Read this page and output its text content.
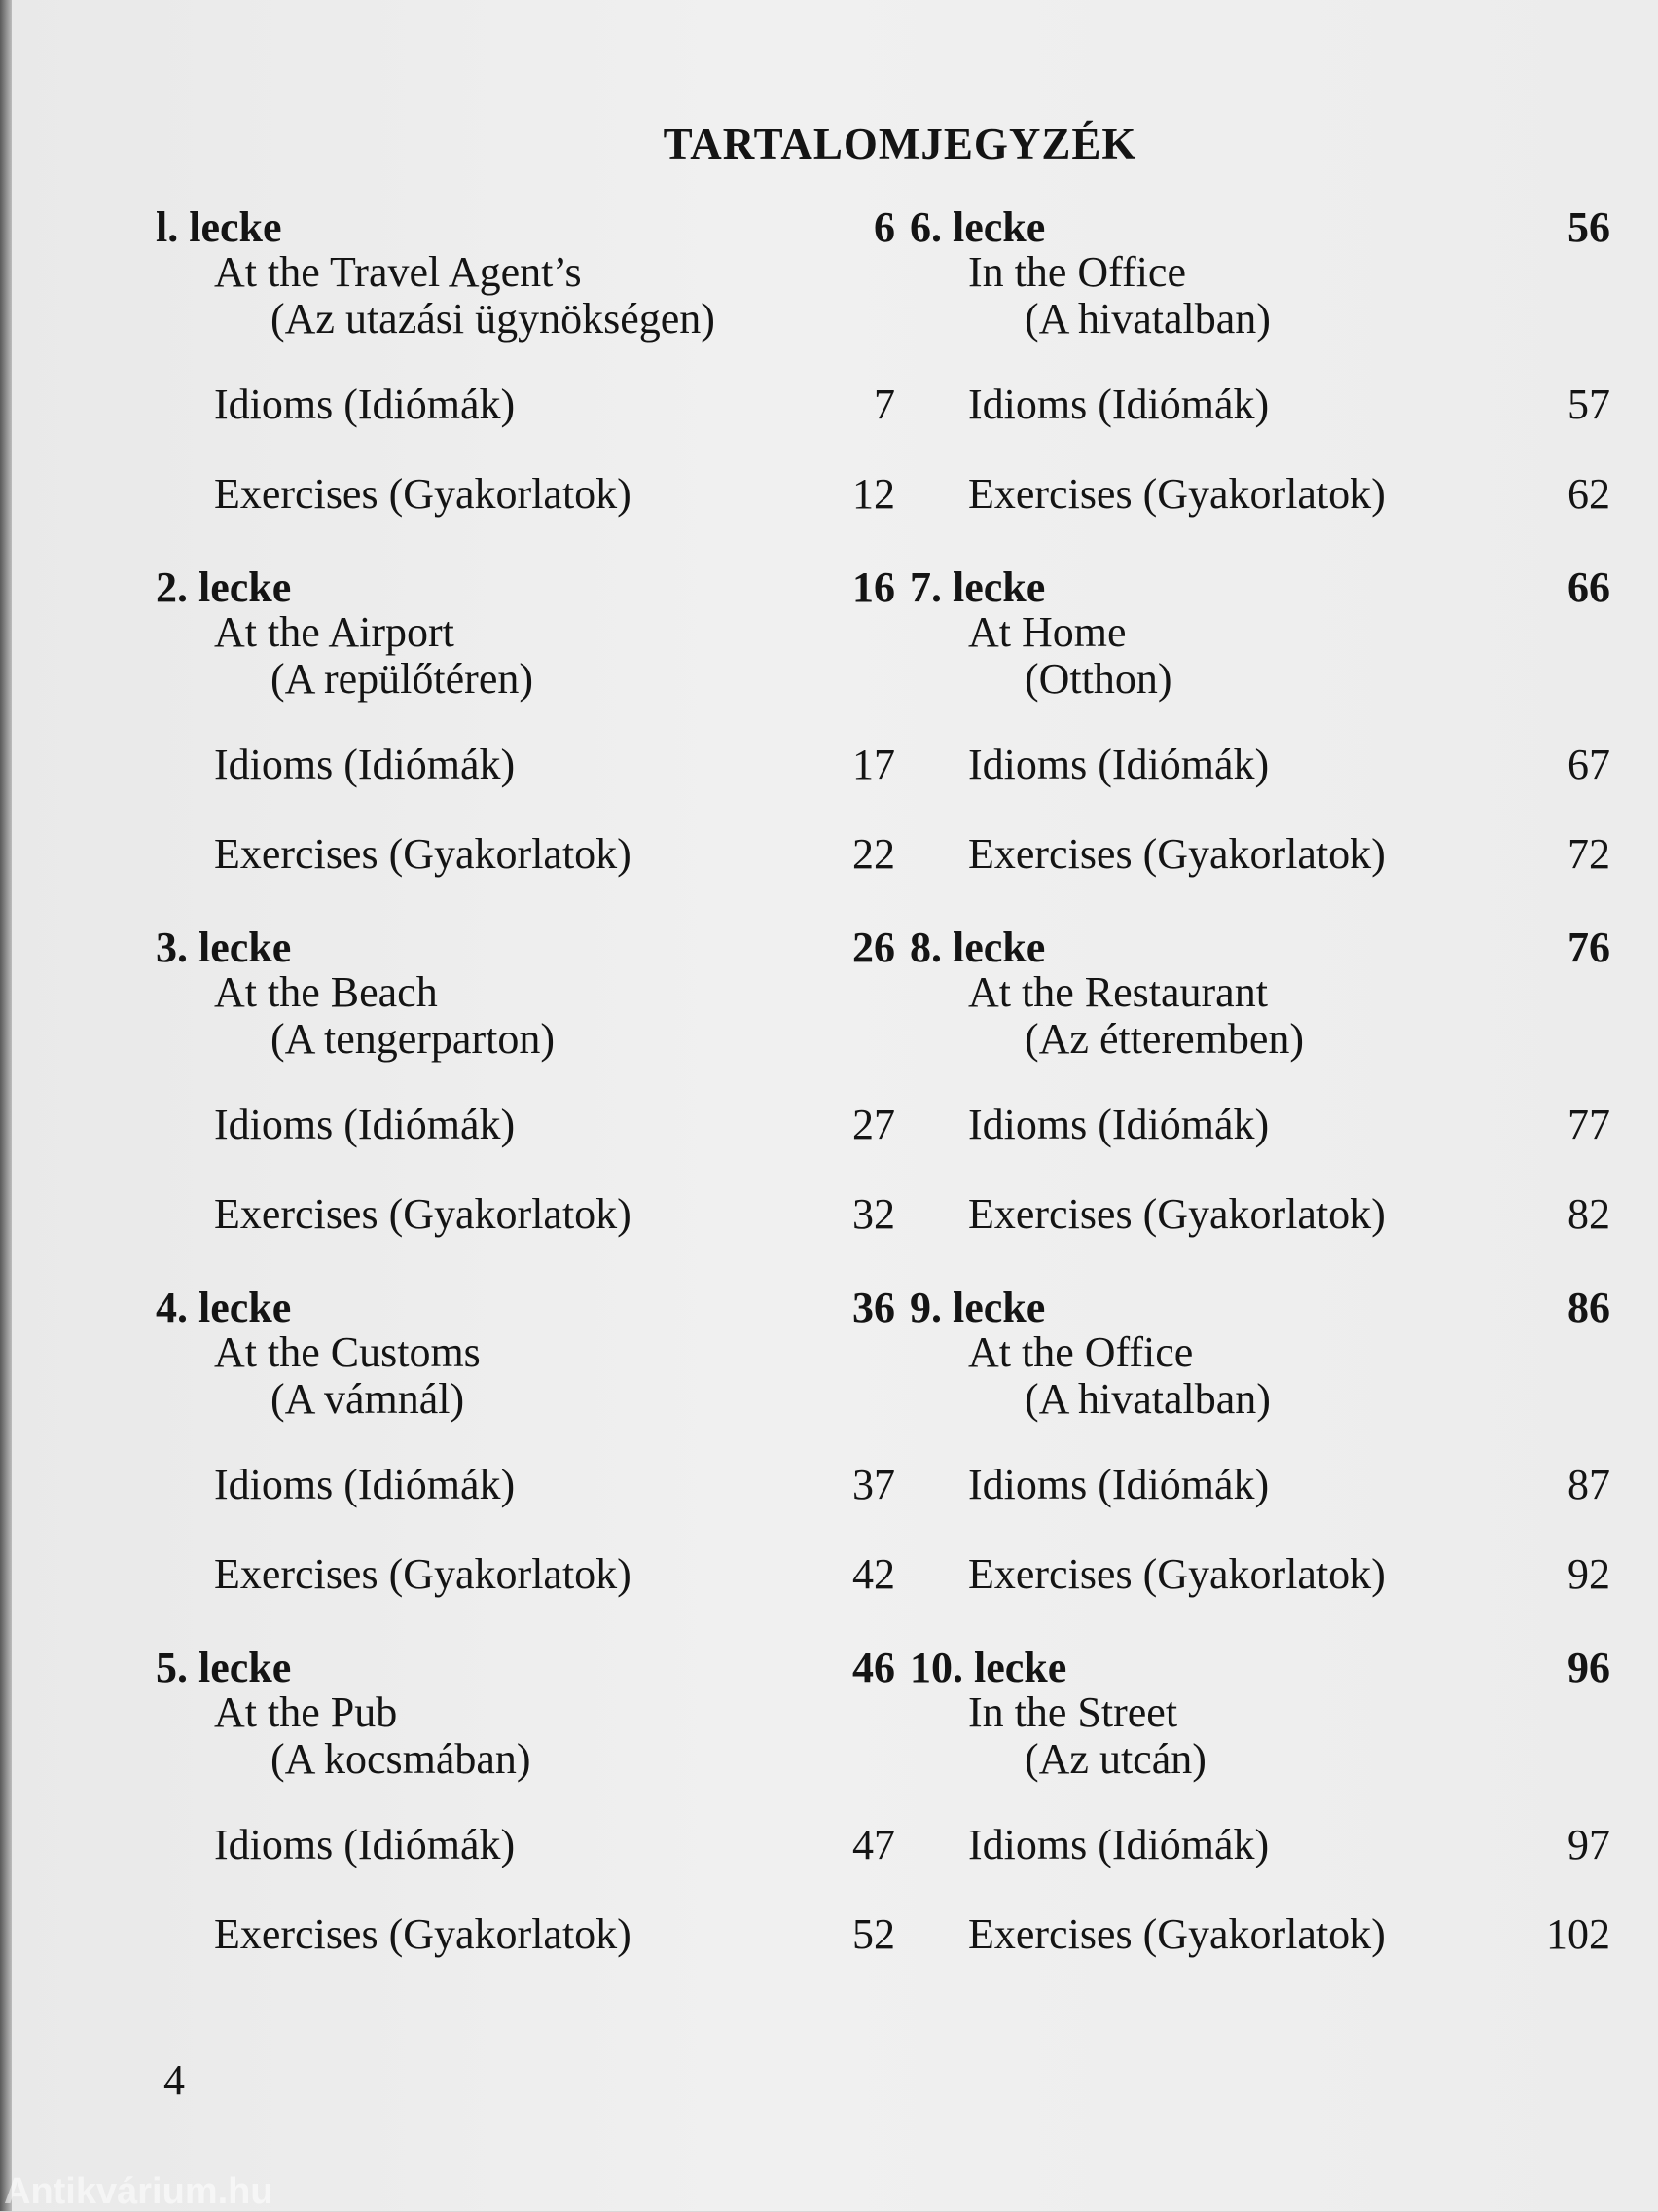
TARTALOMJEGYZÉK
l. lecke	6
At the Travel Agent’s
(Az utazási ügynökségen)
Idioms (Idiómák)	7
Exercises (Gyakorlatok)	12
2. lecke	16
At the Airport
(A repülőtéren)
Idioms (Idiómák)	17
Exercises (Gyakorlatok)	22
3. lecke	26
At the Beach
(A tengerparton)
Idioms (Idiómák)	27
Exercises (Gyakorlatok)	32
4. lecke	36
At the Customs
(A vámnál)
Idioms (Idiómák)	37
Exercises (Gyakorlatok)	42
5. lecke	46
At the Pub
(A kocsmában)
Idioms (Idiómák)	47
Exercises (Gyakorlatok)	52
6. lecke	56
In the Office
(A hivatalban)
Idioms (Idiómák)	57
Exercises (Gyakorlatok)	62
7. lecke	66
At Home
(Otthon)
Idioms (Idiómák)	67
Exercises (Gyakorlatok)	72
8. lecke	76
At the Restaurant
(Az étteremben)
Idioms (Idiómák)	77
Exercises (Gyakorlatok)	82
9. lecke	86
At the Office
(A hivatalban)
Idioms (Idiómák)	87
Exercises (Gyakorlatok)	92
10. lecke	96
In the Street
(Az utcán)
Idioms (Idiómák)	97
Exercises (Gyakorlatok)	102
4
Antikvárium.hu
